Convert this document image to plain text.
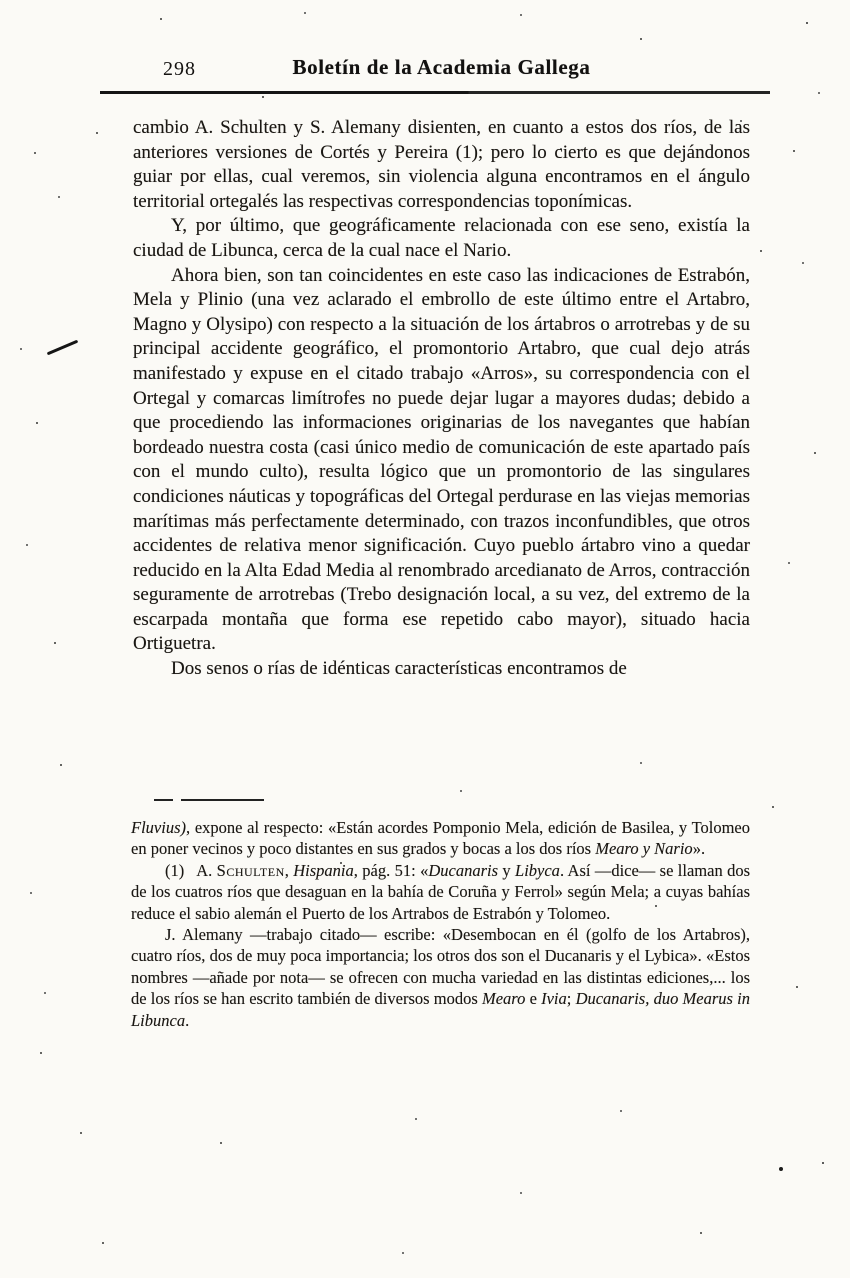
298	Boletín de la Academia Gallega

cambio A. Schulten y S. Alemany disienten, en cuanto a estos dos ríos, de las anteriores versiones de Cortés y Pereira (1); pero lo cierto es que dejándonos guiar por ellas, cual veremos, sin violencia alguna encontramos en el ángulo territorial ortegalés las respectivas correspondencias toponímicas.

Y, por último, que geográficamente relacionada con ese seno, existía la ciudad de Libunca, cerca de la cual nace el Nario.

Ahora bien, son tan coincidentes en este caso las indicaciones de Estrabón, Mela y Plinio (una vez aclarado el embrollo de este último entre el Artabro, Magno y Olysipo) con respecto a la situación de los ártabros o arrotrebas y de su principal accidente geográfico, el promontorio Artabro, que cual dejo atrás manifestado y expuse en el citado trabajo «Arros», su correspondencia con el Ortegal y comarcas limítrofes no puede dejar lugar a mayores dudas; debido a que procediendo las informaciones originarias de los navegantes que habían bordeado nuestra costa (casi único medio de comunicación de este apartado país con el mundo culto), resulta lógico que un promontorio de las singulares condiciones náuticas y topográficas del Ortegal perdurase en las viejas memorias marítimas más perfectamente determinado, con trazos inconfundibles, que otros accidentes de relativa menor significación. Cuyo pueblo ártabro vino a quedar reducido en la Alta Edad Media al renombrado arcedianato de Arros, contracción seguramente de arrotrebas (Trebo designación local, a su vez, del extremo de la escarpada montaña que forma ese repetido cabo mayor), situado hacia Ortiguetra.

Dos senos o rías de idénticas características encontramos de

Fluvius), expone al respecto: «Están acordes Pomponio Mela, edición de Basilea, y Tolomeo en poner vecinos y poco distantes en sus grados y bocas a los dos ríos Mearo y Nario».

(1) A. Schulten, Hispania, pág. 51: «Ducanaris y Libyca. Así —dice— se llaman dos de los cuatros ríos que desaguan en la bahía de Coruña y Ferrol» según Mela; a cuyas bahías reduce el sabio alemán el Puerto de los Artrabos de Estrabón y Tolomeo.

J. Alemany —trabajo citado— escribe: «Desembocan en él (golfo de los Artabros), cuatro ríos, dos de muy poca importancia; los otros dos son el Ducanaris y el Lybica». «Estos nombres —añade por nota— se ofrecen con mucha variedad en las distintas ediciones,... los de los ríos se han escrito también de diversos modos Mearo e Ivia; Ducanaris, duo Mearus in Libunca.
